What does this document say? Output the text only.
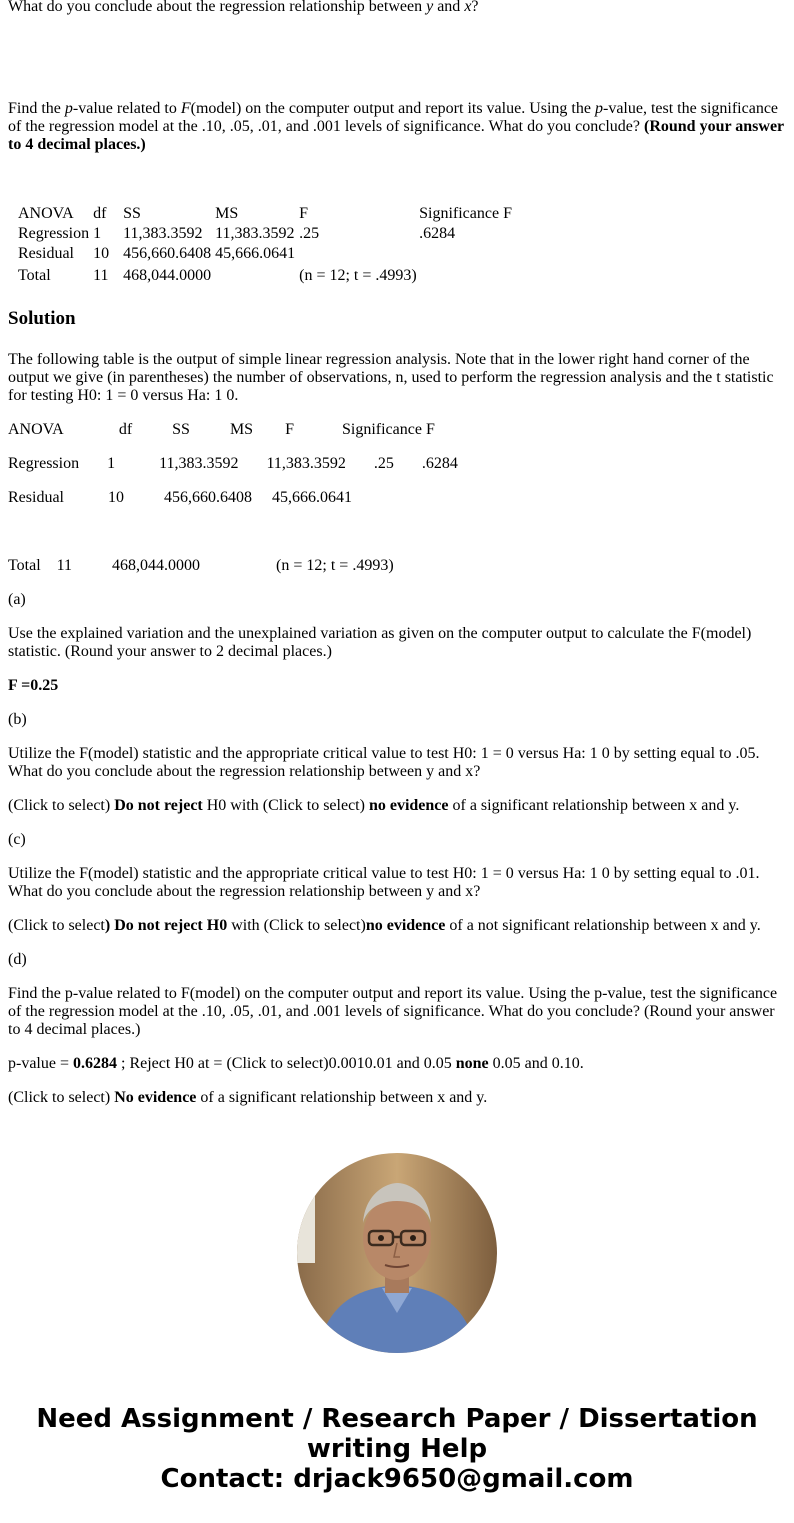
What do you conclude about the regression relationship between y and x?

Find the p-value related to F(model) on the computer output and report its value. Using the p-value, test the significance of the regression model at the .10, .05, .01, and .001 levels of significance. What do you conclude? (Round your answer to 4 decimal places.)

ANOVA	df	SS	MS	F	Significance F
Regression	1	11,383.3592	11,383.3592	.25	.6284
Residual	10	456,660.6408	45,666.0641		
Total	11	468,044.0000		(n = 12; t = .4993)	
Solution

The following table is the output of simple linear regression analysis. Note that in the lower right hand corner of the output we give (in parentheses) the number of observations, n, used to perform the regression analysis and the t statistic for testing H0: 1 = 0 versus Ha: 1 0.

ANOVA              df          SS          MS        F            Significance F

Regression       1           11,383.3592       11,383.3592       .25       .6284

Residual           10          456,660.6408     45,666.0641

Total    11          468,044.0000                   (n = 12; t = .4993)

(a)

Use the explained variation and the unexplained variation as given on the computer output to calculate the F(model) statistic. (Round your answer to 2 decimal places.)

F =0.25

(b)

Utilize the F(model) statistic and the appropriate critical value to test H0: 1 = 0 versus Ha: 1 0 by setting equal to .05. What do you conclude about the regression relationship between y and x?

(Click to select) Do not reject H0 with (Click to select) no evidence of a significant relationship between x and y.

(c)

Utilize the F(model) statistic and the appropriate critical value to test H0: 1 = 0 versus Ha: 1 0 by setting equal to .01. What do you conclude about the regression relationship between y and x?

(Click to select) Do not reject H0 with (Click to select)no evidence of a not significant relationship between x and y.

(d)

Find the p-value related to F(model) on the computer output and report its value. Using the p-value, test the significance of the regression model at the .10, .05, .01, and .001 levels of significance. What do you conclude? (Round your answer to 4 decimal places.)

p-value = 0.6284 ; Reject H0 at = (Click to select)0.0010.01 and 0.05 none 0.05 and 0.10.

(Click to select) No evidence of a significant relationship between x and y.

Need Assignment / Research Paper / Dissertation
writing Help
Contact: drjack9650@gmail.com
